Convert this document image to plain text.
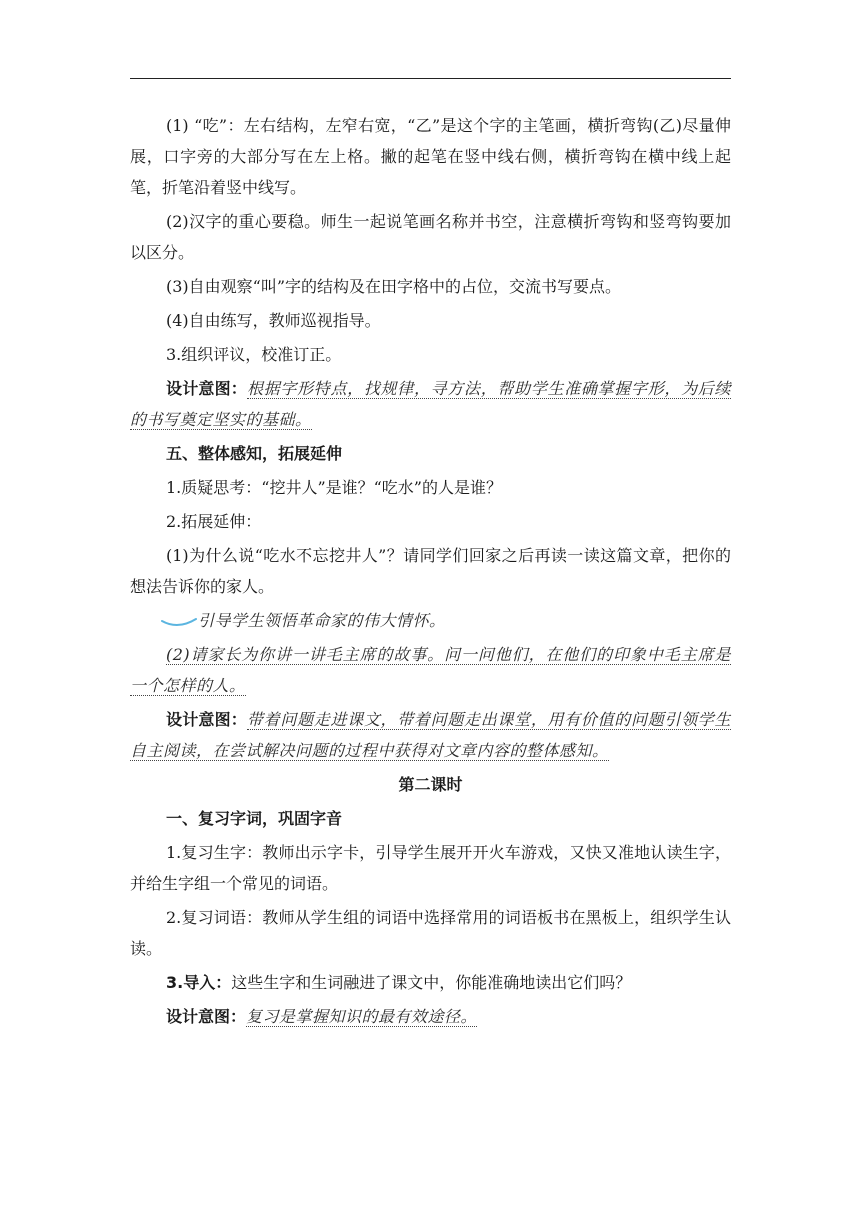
(1) “吃”：左右结构，左窄右宽，“乙”是这个字的主笔画，横折弯钩(乙)尽量伸展，口字旁的大部分写在左上格。撇的起笔在竖中线右侧，横折弯钩在横中线上起笔，折笔沿着竖中线写。

(2)汉字的重心要稳。师生一起说笔画名称并书空，注意横折弯钩和竖弯钩要加以区分。

(3)自由观察“叫”字的结构及在田字格中的占位，交流书写要点。

(4)自由练写，教师巡视指导。

3.组织评议，校准订正。

设计意图：根据字形特点，找规律，寻方法，帮助学生准确掌握字形，为后续的书写奠定坚实的基础。

五、整体感知，拓展延伸

1.质疑思考：“挖井人”是谁？“吃水”的人是谁？

2.拓展延伸：

(1)为什么说“吃水不忘挖井人”？请同学们回家之后再读一读这篇文章，把你的想法告诉你的家人。

引导学生领悟革命家的伟大情怀。

(2)请家长为你讲一讲毛主席的故事。问一问他们，在他们的印象中毛主席是一个怎样的人。

设计意图：带着问题走进课文，带着问题走出课堂，用有价值的问题引领学生自主阅读，在尝试解决问题的过程中获得对文章内容的整体感知。

第二课时

一、复习字词，巩固字音

1.复习生字：教师出示字卡，引导学生展开开火车游戏，又快又准地认读生字，并给生字组一个常见的词语。

2.复习词语：教师从学生组的词语中选择常用的词语板书在黑板上，组织学生认读。

3.导入：这些生字和生词融进了课文中，你能准确地读出它们吗？

设计意图：复习是掌握知识的最有效途径。
